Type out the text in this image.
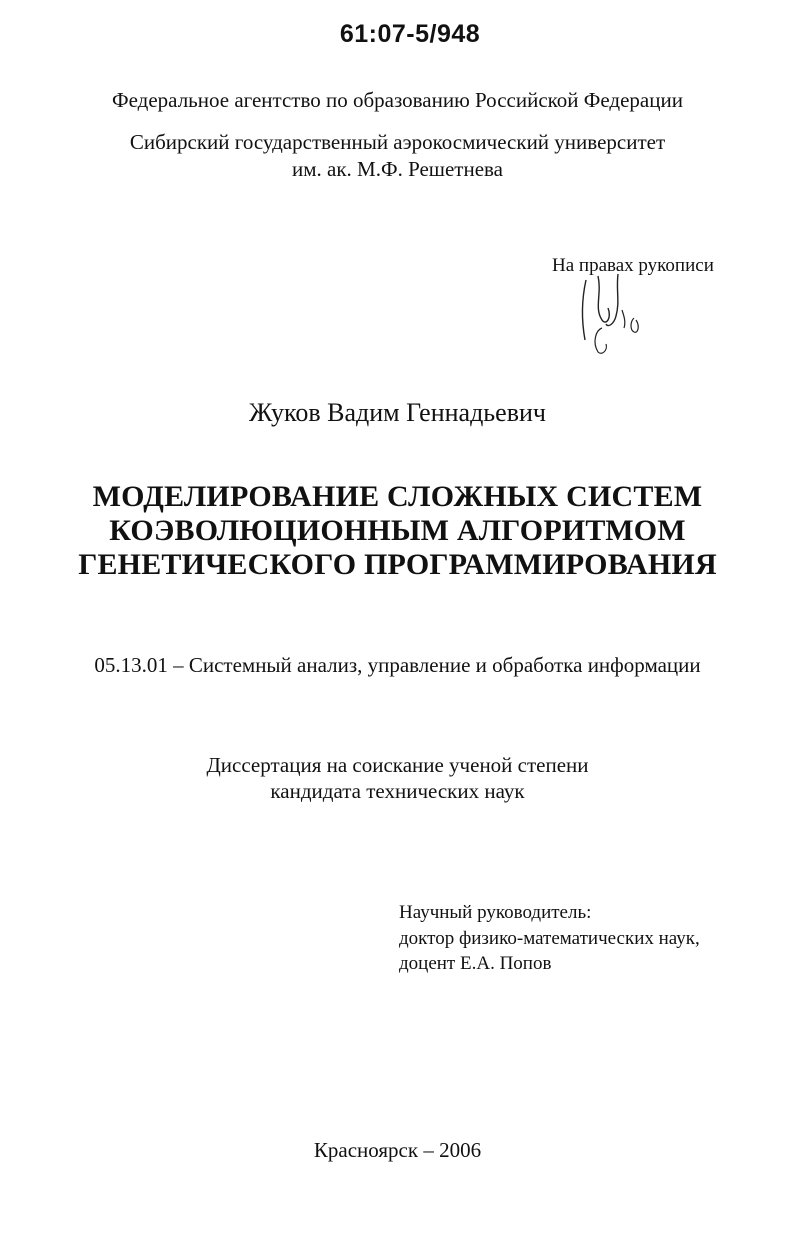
61:07-5/948
Федеральное агентство по образованию Российской Федерации
Сибирский государственный аэрокосмический университет
им. ак. М.Ф. Решетнева
На правах рукописи
Жуков Вадим Геннадьевич
МОДЕЛИРОВАНИЕ СЛОЖНЫХ СИСТЕМ
КОЭВОЛЮЦИОННЫМ АЛГОРИТМОМ
ГЕНЕТИЧЕСКОГО ПРОГРАММИРОВАНИЯ
05.13.01 – Системный анализ, управление и обработка информации
Диссертация на соискание ученой степени
кандидата технических наук
Научный руководитель:
доктор физико-математических наук,
доцент Е.А. Попов
Красноярск – 2006
